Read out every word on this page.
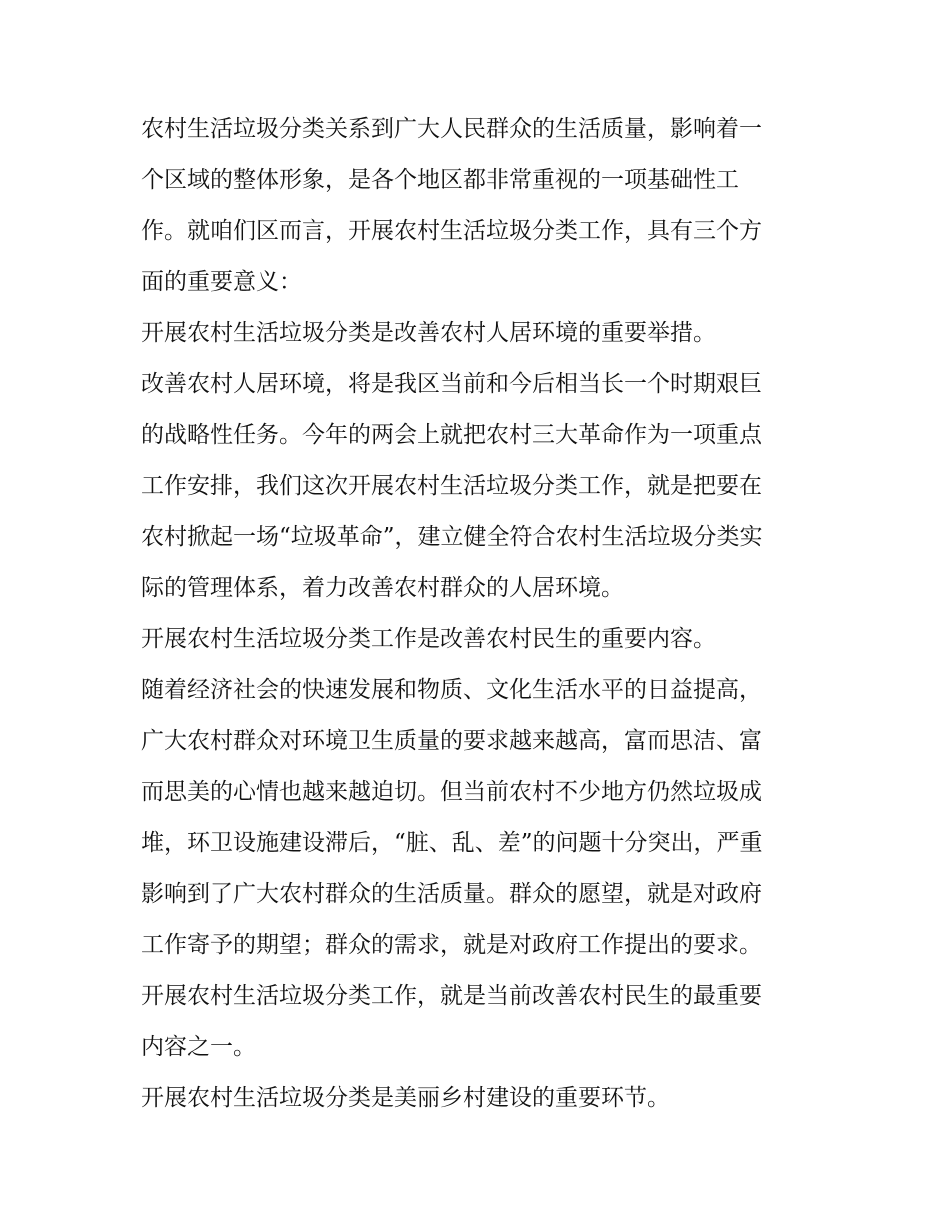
农村生活垃圾分类关系到广大人民群众的生活质量，影响着一
个区域的整体形象，是各个地区都非常重视的一项基础性工
作。就咱们区而言，开展农村生活垃圾分类工作，具有三个方
面的重要意义：

开展农村生活垃圾分类是改善农村人居环境的重要举措。

改善农村人居环境，将是我区当前和今后相当长一个时期艰巨
的战略性任务。今年的两会上就把农村三大革命作为一项重点
工作安排，我们这次开展农村生活垃圾分类工作，就是把要在
农村掀起一场“垃圾革命”，建立健全符合农村生活垃圾分类实
际的管理体系，着力改善农村群众的人居环境。

开展农村生活垃圾分类工作是改善农村民生的重要内容。

随着经济社会的快速发展和物质、文化生活水平的日益提高，
广大农村群众对环境卫生质量的要求越来越高，富而思洁、富
而思美的心情也越来越迫切。但当前农村不少地方仍然垃圾成
堆，环卫设施建设滞后，“脏、乱、差”的问题十分突出，严重
影响到了广大农村群众的生活质量。群众的愿望，就是对政府
工作寄予的期望；群众的需求，就是对政府工作提出的要求。
开展农村生活垃圾分类工作，就是当前改善农村民生的最重要
内容之一。

开展农村生活垃圾分类是美丽乡村建设的重要环节。
